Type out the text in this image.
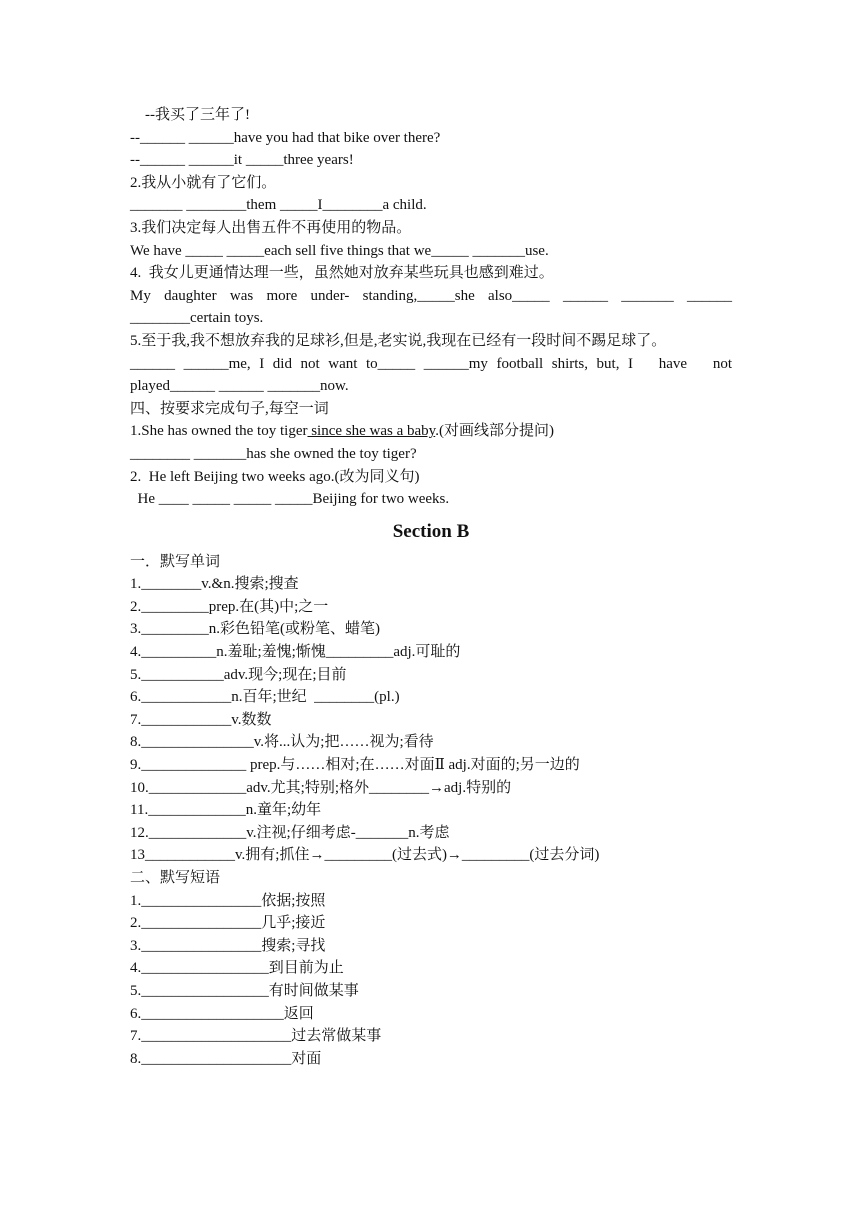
--我买了三年了!
--______ ______have you had that bike over there?
--______ ______it _____three years!
2.我从小就有了它们。
_______ ________them _____I________a child.
3.我们决定每人出售五件不再使用的物品。
We have _____ _____each sell five things that we_____ _______use.
4.  我女儿更通情达理一些，虽然她对放弃某些玩具也感到难过。
My daughter was more under- standing,_____she also_____ ______ _______ ______
________certain toys.
5.至于我,我不想放弃我的足球衫,但是,老实说,我现在已经有一段时间不踢足球了。
______ ______me, I did not want to_____ ______my football shirts, but, I   have   not
played______ ______ _______now.
四、按要求完成句子,每空一词
1.She has owned the toy tiger since she was a baby.(对画线部分提问)
________ _______has she owned the toy tiger?
2.  He left Beijing two weeks ago.(改为同义句)
He ____ _____ _____ _____Beijing for two weeks.
Section B
一．默写单词
1.________v.&n.搜索;搜查
2._________prep.在(其)中;之一
3._________n.彩色铅笔(或粉笔、蜡笔)
4.__________n.羞耻;羞愧;惭愧_________adj.可耻的
5.___________adv.现今;现在;目前
6.____________n.百年;世纪  ________(pl.)
7.____________v.数数
8._______________v.将...认为;把……视为;看待
9.______________ prep.与……相对;在……对面Ⅱ adj.对面的;另一边的
10._____________adv.尤其;特别;格外________→adj.特别的
11._____________n.童年;幼年
12._____________v.注视;仔细考虑-_______n.考虑
13____________v.拥有;抓住→_________(过去式)→_________(过去分词)
二、默写短语
1.________________依据;按照
2.________________几乎;接近
3.________________搜索;寻找
4._________________到目前为止
5._________________有时间做某事
6.___________________返回
7.____________________过去常做某事
8.____________________对面
